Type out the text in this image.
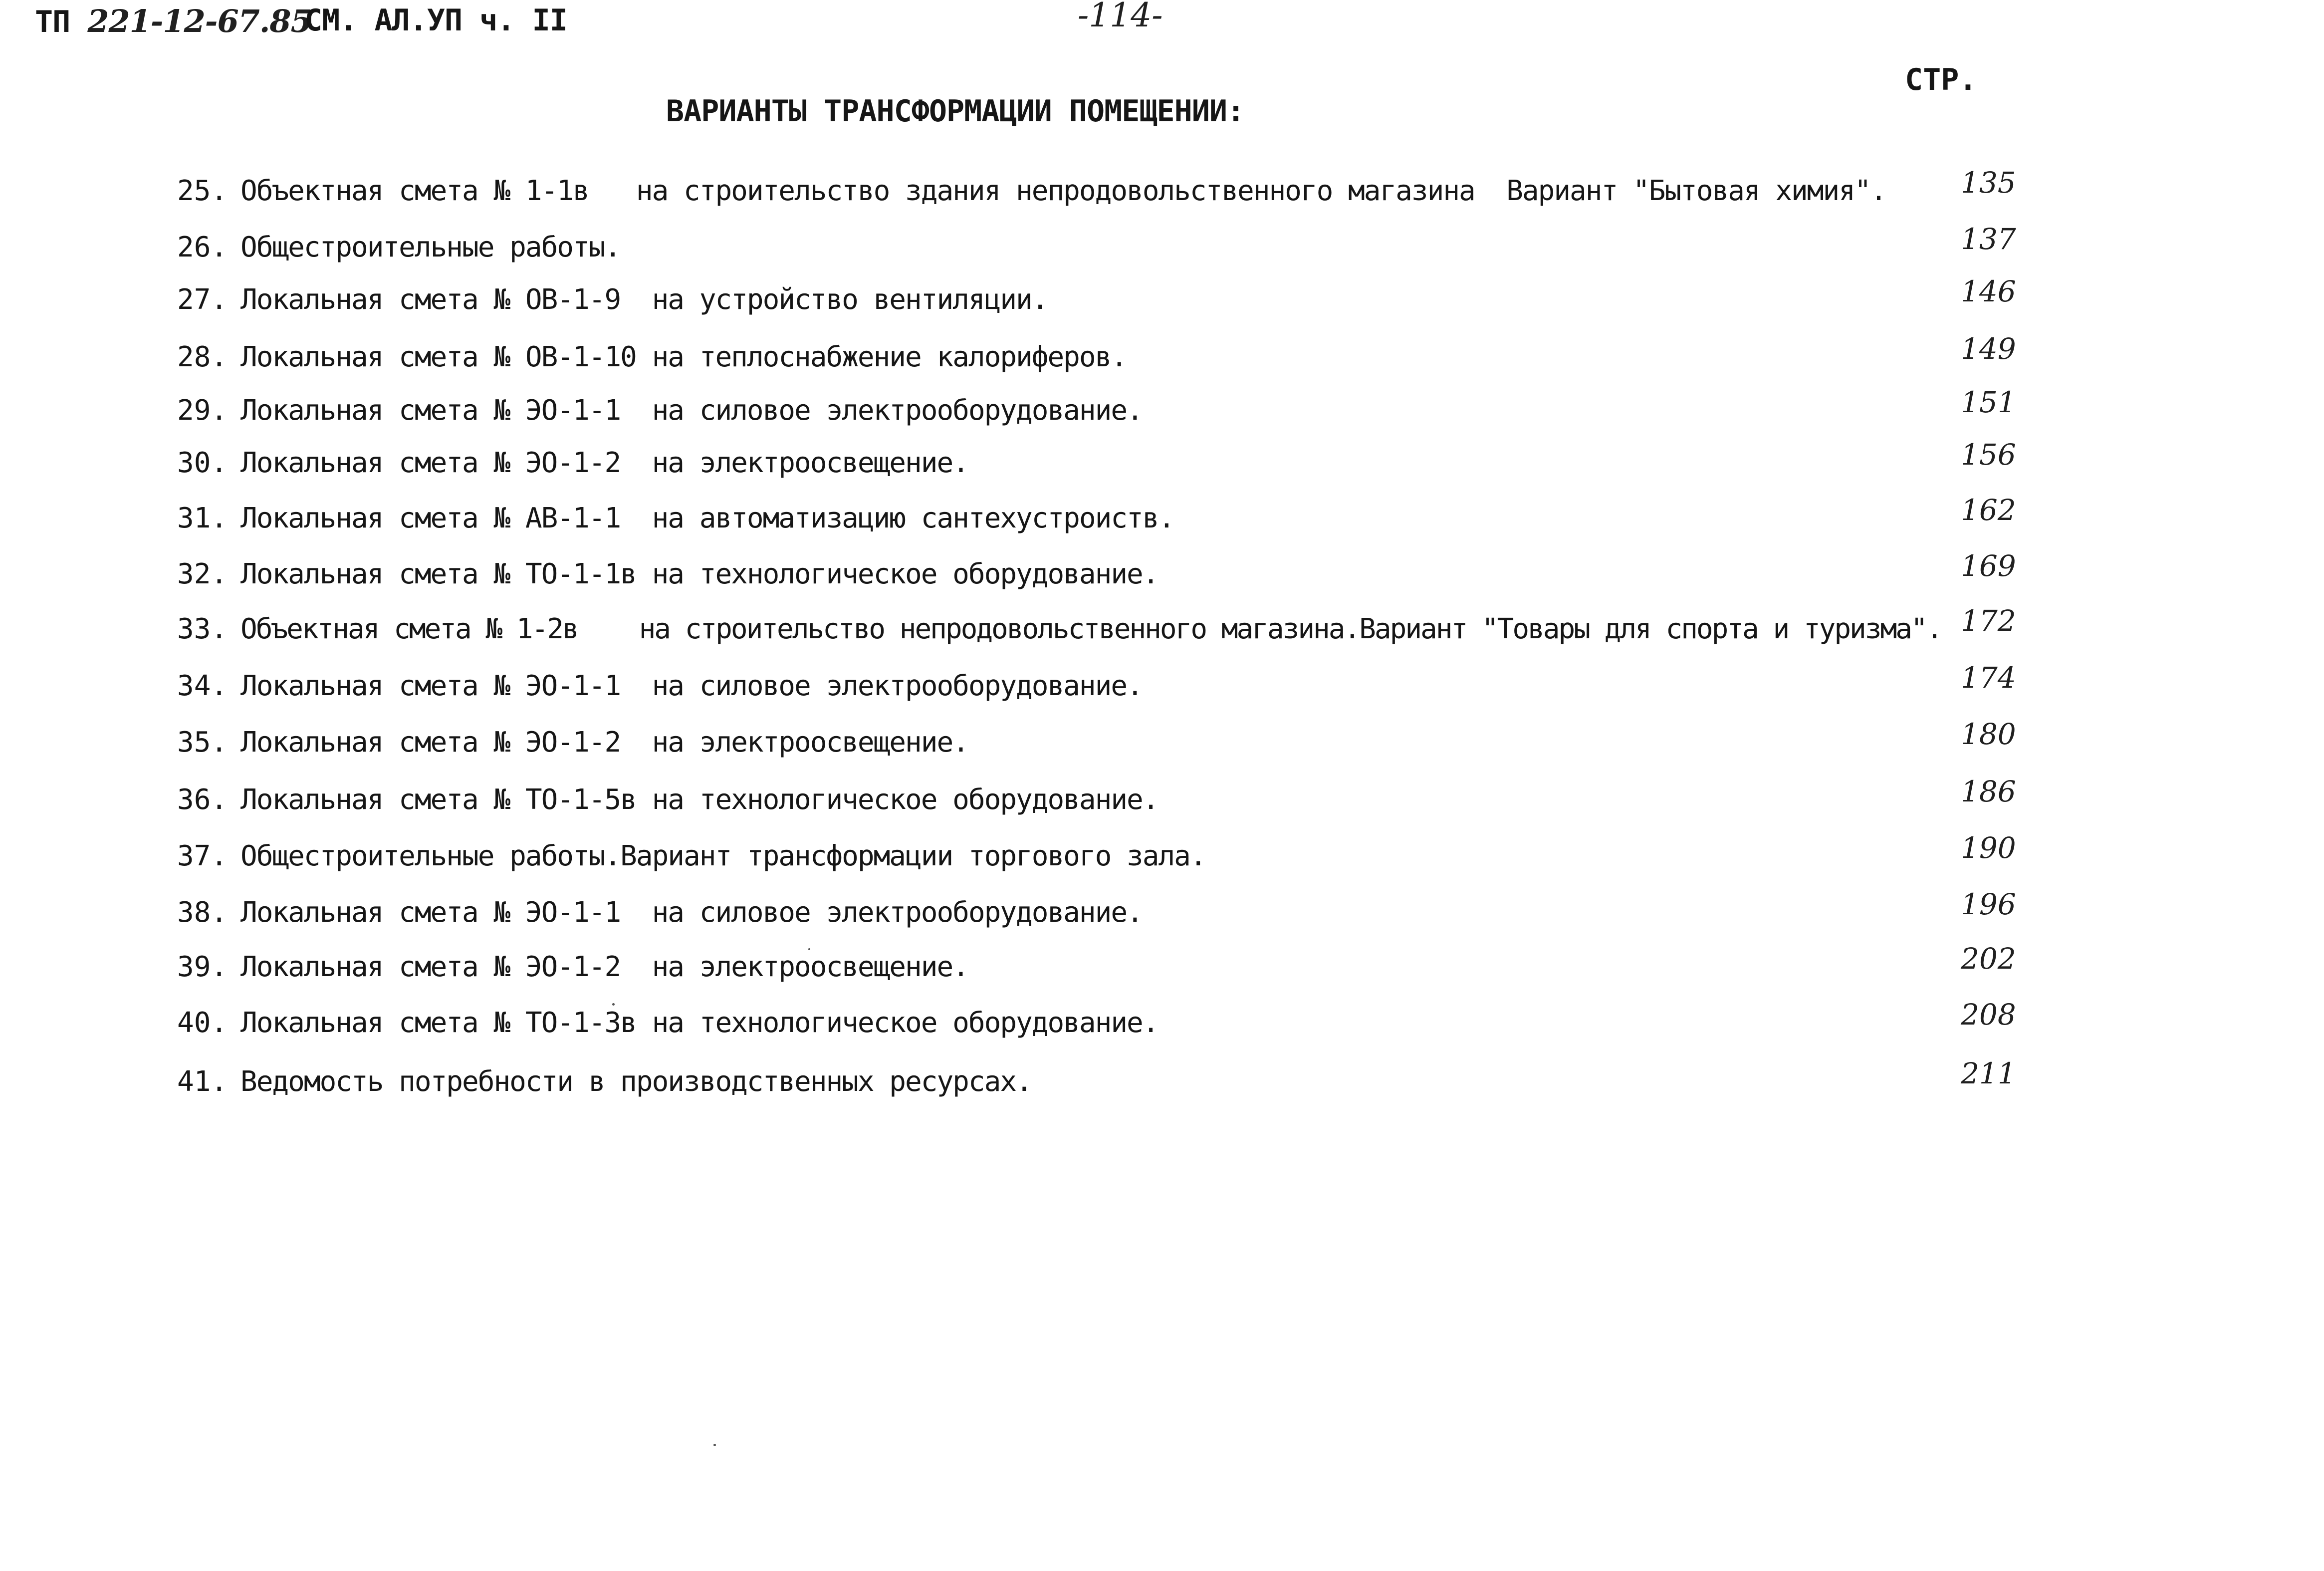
ТП 221-12-67.85
СМ. АЛ.УП ч. II	-114-
СТР.
ВАРИАНТЫ ТРАНСФОРМАЦИИ ПОМЕЩЕНИИ:
25. Объектная смета № 1-1в   на строительство здания непродовольственного магазина  Вариант "Бытовая химия".	135
26. Общестроительные работы.	137
27. Локальная смета № ОВ-1-9  на устройство вентиляции.	146
28. Локальная смета № ОВ-1-10 на теплоснабжение калориферов.	149
29. Локальная смета № ЭО-1-1  на силовое электрооборудование.	151
30. Локальная смета № ЭО-1-2  на электроосвещение.	156
31. Локальная смета № АВ-1-1  на автоматизацию сантехустроиств.	162
32. Локальная смета № ТО-1-1в на технологическое оборудование.	169
33. Объектная смета № 1-2в    на строительство непродовольственного магазина.Вариант "Товары для спорта и туризма". 172
34. Локальная смета № ЭО-1-1  на силовое электрооборудование.	174
35. Локальная смета № ЭО-1-2  на электроосвещение.	180
36. Локальная смета № ТО-1-5в на технологическое оборудование.	186
37. Общестроительные работы.Вариант трансформации торгового зала.	190
38. Локальная смета № ЭО-1-1  на силовое электрооборудование.	196
39. Локальная смета № ЭО-1-2  на электроосвещение.	202
40. Локальная смета № ТО-1-3в на технологическое оборудование.	208
41. Ведомость потребности в производственных ресурсах.	211
